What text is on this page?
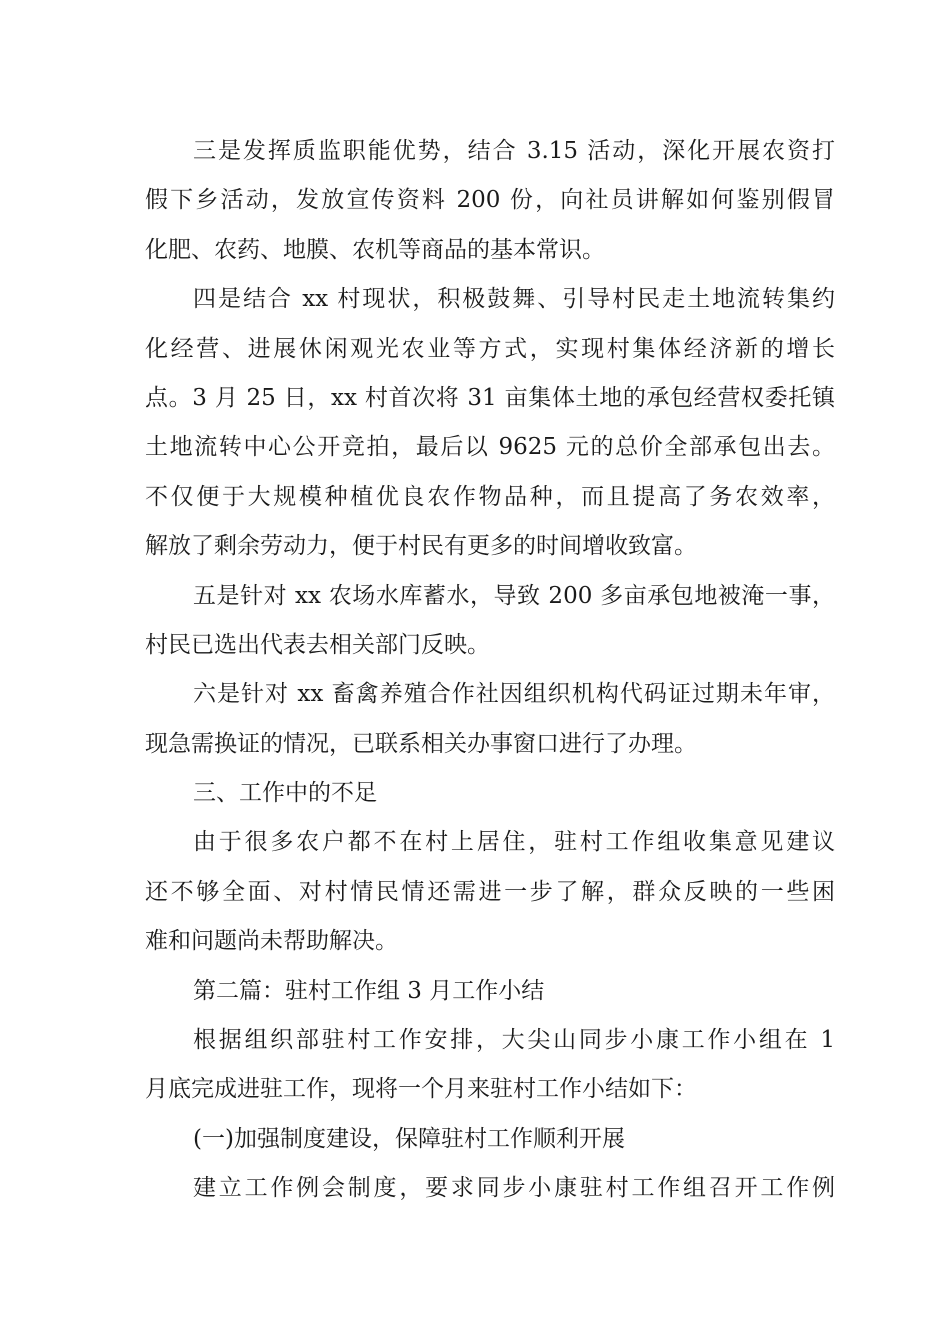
三是发挥质监职能优势，结合 3.15 活动，深化开展农资打
假下乡活动，发放宣传资料 200 份，向社员讲解如何鉴别假冒
化肥、农药、地膜、农机等商品的基本常识。
四是结合 xx 村现状，积极鼓舞、引导村民走土地流转集约
化经营、进展休闲观光农业等方式，实现村集体经济新的增长
点。3 月 25 日，xx 村首次将 31 亩集体土地的承包经营权委托镇
土地流转中心公开竞拍，最后以 9625 元的总价全部承包出去。
不仅便于大规模种植优良农作物品种，而且提高了务农效率，
解放了剩余劳动力，便于村民有更多的时间增收致富。
五是针对 xx 农场水库蓄水，导致 200 多亩承包地被淹一事，
村民已选出代表去相关部门反映。
六是针对 xx 畜禽养殖合作社因组织机构代码证过期未年审，
现急需换证的情况，已联系相关办事窗口进行了办理。
三、工作中的不足
由于很多农户都不在村上居住，驻村工作组收集意见建议
还不够全面、对村情民情还需进一步了解，群众反映的一些困
难和问题尚未帮助解决。
第二篇：驻村工作组 3 月工作小结
根据组织部驻村工作安排，大尖山同步小康工作小组在 1
月底完成进驻工作，现将一个月来驻村工作小结如下：
(一)加强制度建设，保障驻村工作顺利开展
建立工作例会制度，要求同步小康驻村工作组召开工作例
